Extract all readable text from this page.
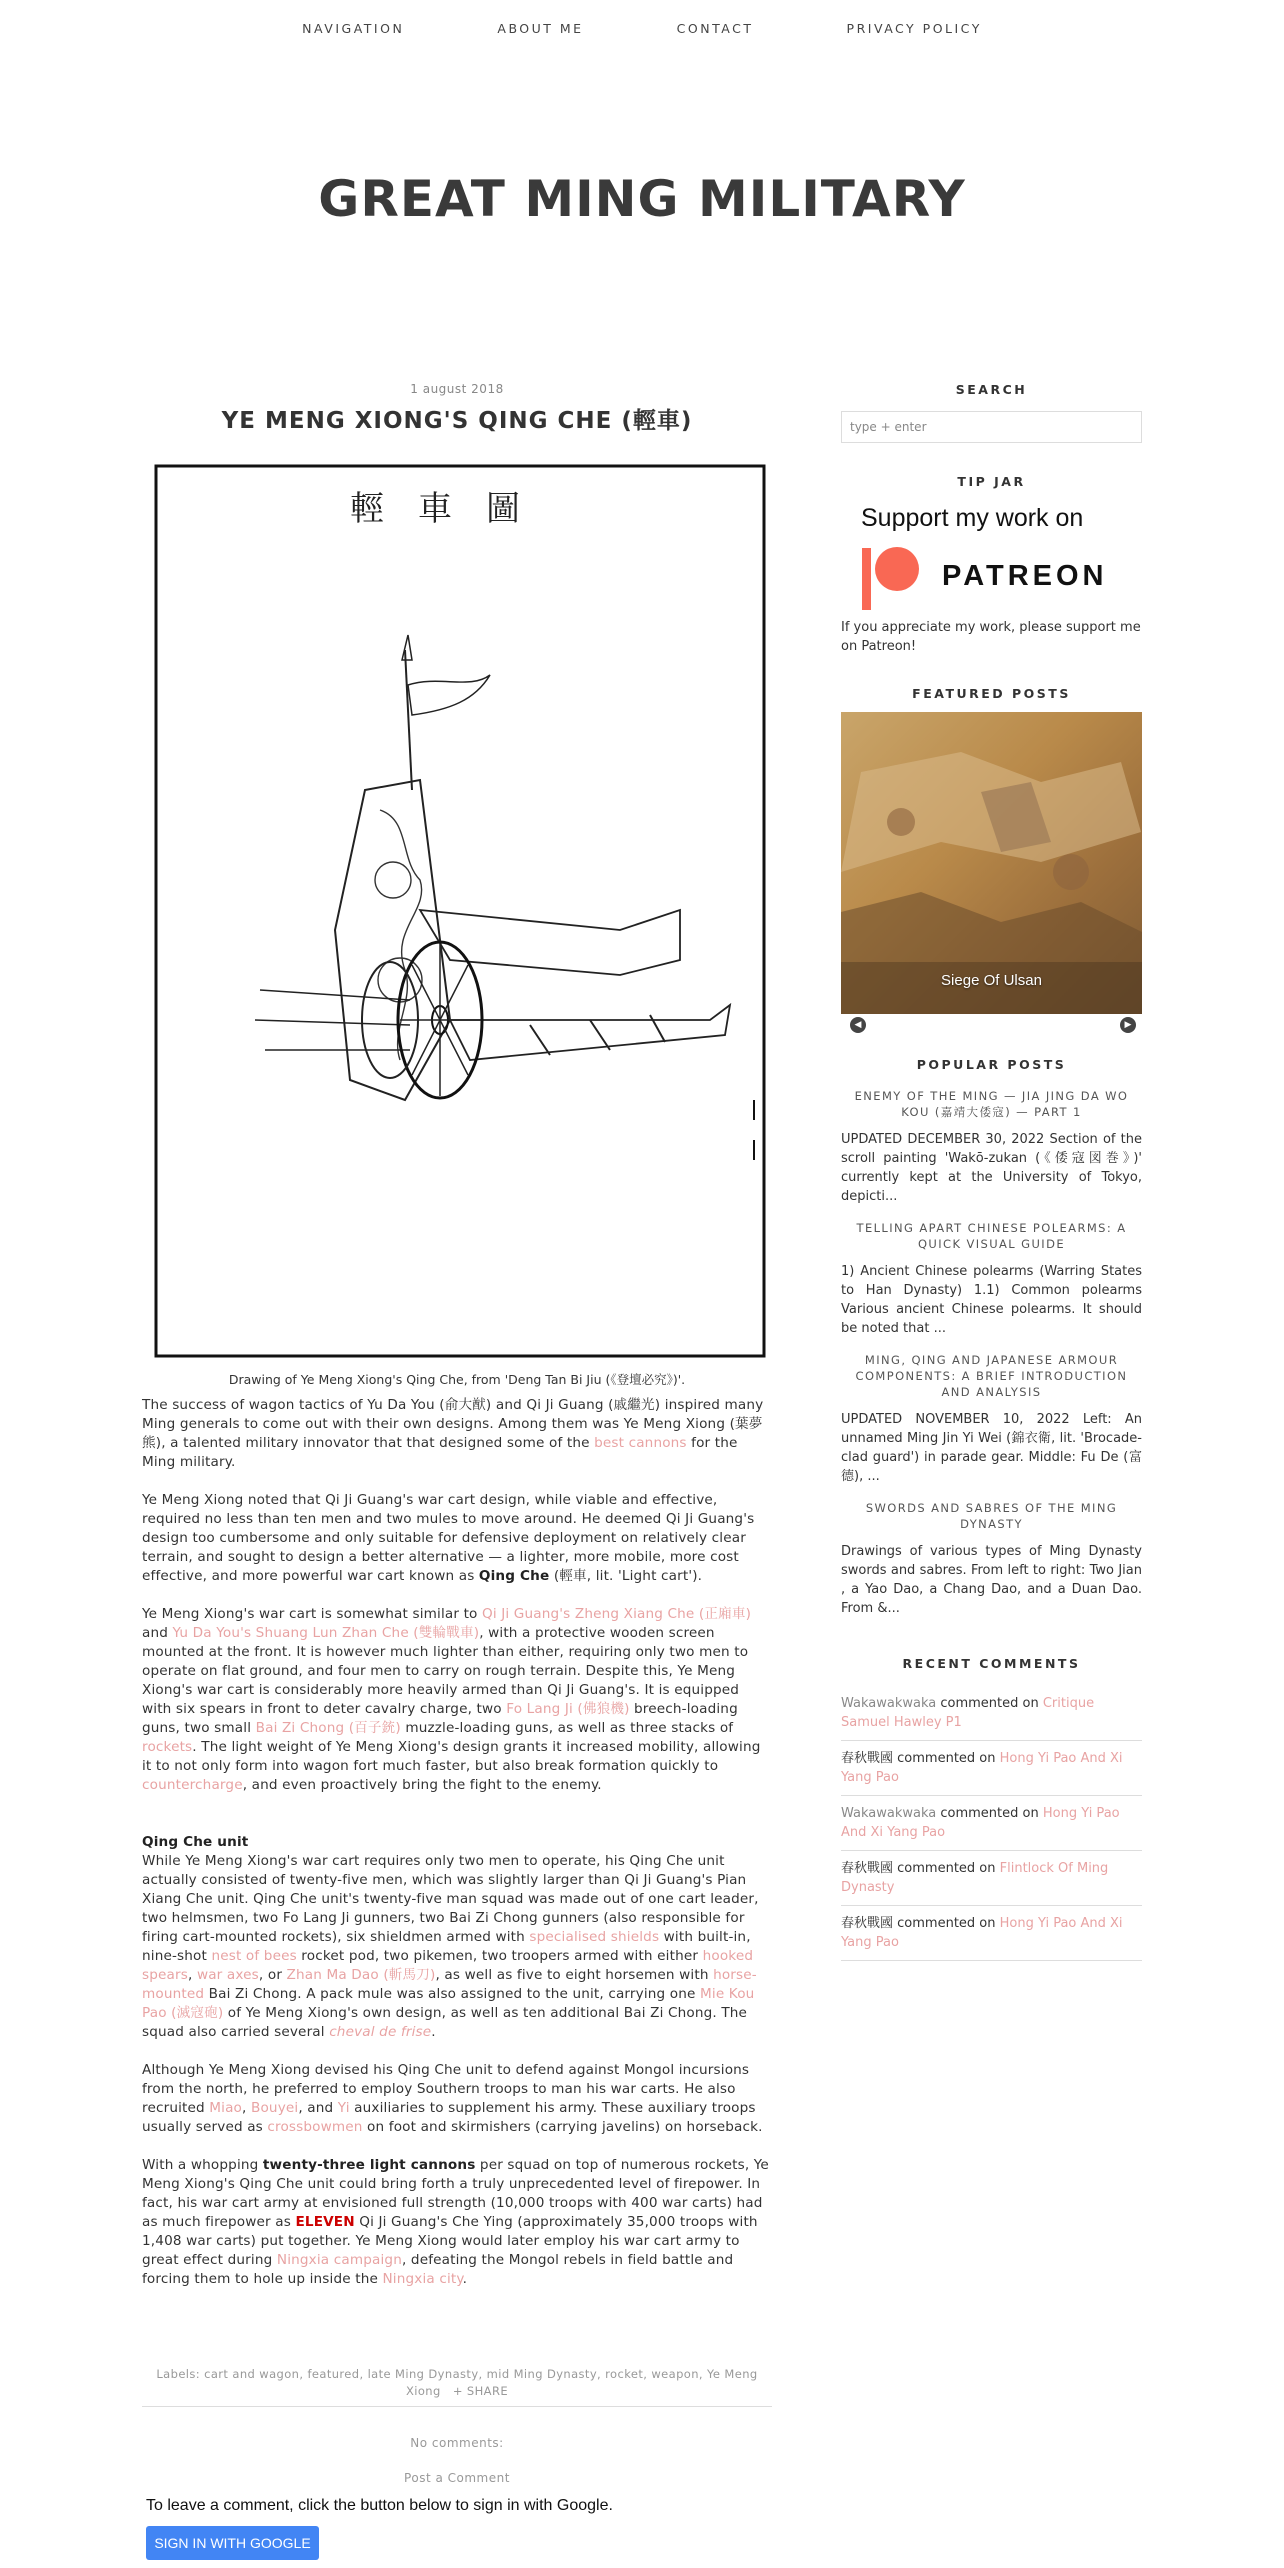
NAVIGATION	ABOUT ME	CONTACT	PRIVACY POLICY
GREAT MING MILITARY
1 august 2018
YE MENG XIONG'S QING CHE (輕車)
輕車圖
Drawing of Ye Meng Xiong's Qing Che, from 'Deng Tan Bi Jiu (《登壇必究》)'.

The success of wagon tactics of Yu Da You (俞大猷) and Qi Ji Guang (戚繼光) inspired many Ming generals to come out with their own designs. Among them was Ye Meng Xiong (葉夢熊), a talented military innovator that that designed some of the best cannons for the Ming military.

Ye Meng Xiong noted that Qi Ji Guang's war cart design, while viable and effective, required no less than ten men and two mules to move around. He deemed Qi Ji Guang's design too cumbersome and only suitable for defensive deployment on relatively clear terrain, and sought to design a better alternative — a lighter, more mobile, more cost effective, and more powerful war cart known as Qing Che (輕車, lit. 'Light cart').

Ye Meng Xiong's war cart is somewhat similar to Qi Ji Guang's Zheng Xiang Che (正廂車) and Yu Da You's Shuang Lun Zhan Che (雙輪戰車), with a protective wooden screen mounted at the front. It is however much lighter than either, requiring only two men to operate on flat ground, and four men to carry on rough terrain. Despite this, Ye Meng Xiong's war cart is considerably more heavily armed than Qi Ji Guang's. It is equipped with six spears in front to deter cavalry charge, two Fo Lang Ji (佛狼機) breech-loading guns, two small Bai Zi Chong (百子銃) muzzle-loading guns, as well as three stacks of rockets. The light weight of Ye Meng Xiong's design grants it increased mobility, allowing it to not only form into wagon fort much faster, but also break formation quickly to countercharge, and even proactively bring the fight to the enemy.

Qing Che unit
While Ye Meng Xiong's war cart requires only two men to operate, his Qing Che unit actually consisted of twenty-five men, which was slightly larger than Qi Ji Guang's Pian Xiang Che unit. Qing Che unit's twenty-five man squad was made out of one cart leader, two helmsmen, two Fo Lang Ji gunners, two Bai Zi Chong gunners (also responsible for firing cart-mounted rockets), six shieldmen armed with specialised shields with built-in, nine-shot nest of bees rocket pod, two pikemen, two troopers armed with either hooked spears, war axes, or Zhan Ma Dao (斬馬刀), as well as five to eight horsemen with horse-mounted Bai Zi Chong. A pack mule was also assigned to the unit, carrying one Mie Kou Pao (滅寇砲) of Ye Meng Xiong's own design, as well as ten additional Bai Zi Chong. The squad also carried several cheval de frise.

Although Ye Meng Xiong devised his Qing Che unit to defend against Mongol incursions from the north, he preferred to employ Southern troops to man his war carts. He also recruited Miao, Bouyei, and Yi auxiliaries to supplement his army. These auxiliary troops usually served as crossbowmen on foot and skirmishers (carrying javelins) on horseback.

With a whopping twenty-three light cannons per squad on top of numerous rockets, Ye Meng Xiong's Qing Che unit could bring forth a truly unprecedented level of firepower. In fact, his war cart army at envisioned full strength (10,000 troops with 400 war carts) had as much firepower as ELEVEN Qi Ji Guang's Che Ying (approximately 35,000 troops with 1,408 war carts) put together. Ye Meng Xiong would later employ his war cart army to great effect during Ningxia campaign, defeating the Mongol rebels in field battle and forcing them to hole up inside the Ningxia city.

Labels: cart and wagon, featured, late Ming Dynasty, mid Ming Dynasty, rocket, weapon, Ye Meng Xiong + SHARE
No comments:
Post a Comment
To leave a comment, click the button below to sign in with Google.
SIGN IN WITH GOOGLE
SEARCH
type + enter
TIP JAR
Support my work on
PATREON
If you appreciate my work, please support me on Patreon!
FEATURED POSTS
Siege Of Ulsan
◀	▶
POPULAR POSTS
ENEMY OF THE MING — JIA JING DA WO KOU (嘉靖大倭寇) — PART 1
UPDATED DECEMBER 30, 2022 Section of the scroll painting 'Wakō-zukan (《倭寇図巻》)' currently kept at the University of Tokyo, depicti...
TELLING APART CHINESE POLEARMS: A QUICK VISUAL GUIDE
1) Ancient Chinese polearms (Warring States to Han Dynasty) 1.1) Common polearms Various ancient Chinese polearms. It should be noted that ...
MING, QING AND JAPANESE ARMOUR COMPONENTS: A BRIEF INTRODUCTION AND ANALYSIS
UPDATED NOVEMBER 10, 2022 Left: An unnamed Ming Jin Yi Wei (錦衣衛, lit. 'Brocade-clad guard') in parade gear. Middle: Fu De (富德), ...
SWORDS AND SABRES OF THE MING DYNASTY
Drawings of various types of Ming Dynasty swords and sabres. From left to right: Two Jian , a Yao Dao, a Chang Dao, and a Duan Dao. From &...
RECENT COMMENTS
Wakawakwaka commented on Critique Samuel Hawley P1
春秋戰國 commented on Hong Yi Pao And Xi Yang Pao
Wakawakwaka commented on Hong Yi Pao And Xi Yang Pao
春秋戰國 commented on Flintlock Of Ming Dynasty
春秋戰國 commented on Hong Yi Pao And Xi Yang Pao
